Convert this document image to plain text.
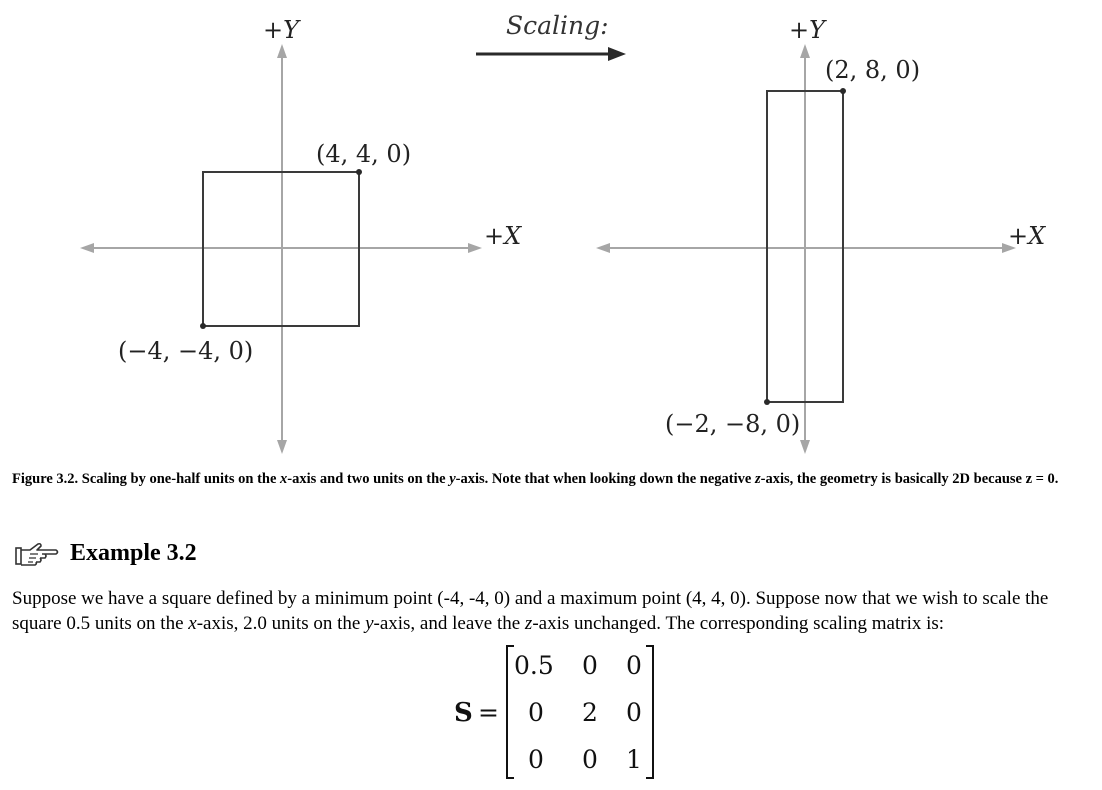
+Y
+X
(4, 4, 0)
(−4, −4, 0)
Scaling:	+Y
+X
(2, 8, 0)
(−2, −8, 0)

Figure 3.2. Scaling by one-half units on the x-axis and two units on the y-axis. Note that when looking down the negative z-axis, the geometry is basically 2D because z = 0.

Example 3.2

Suppose we have a square defined by a minimum point (-4, -4, 0) and a maximum point (4, 4, 0). Suppose now that we wish to scale the square 0.5 units on the x-axis, 2.0 units on the y-axis, and leave the z-axis unchanged. The corresponding scaling matrix is:

S =
0.5 0 0
0 2 0
0 0 1
